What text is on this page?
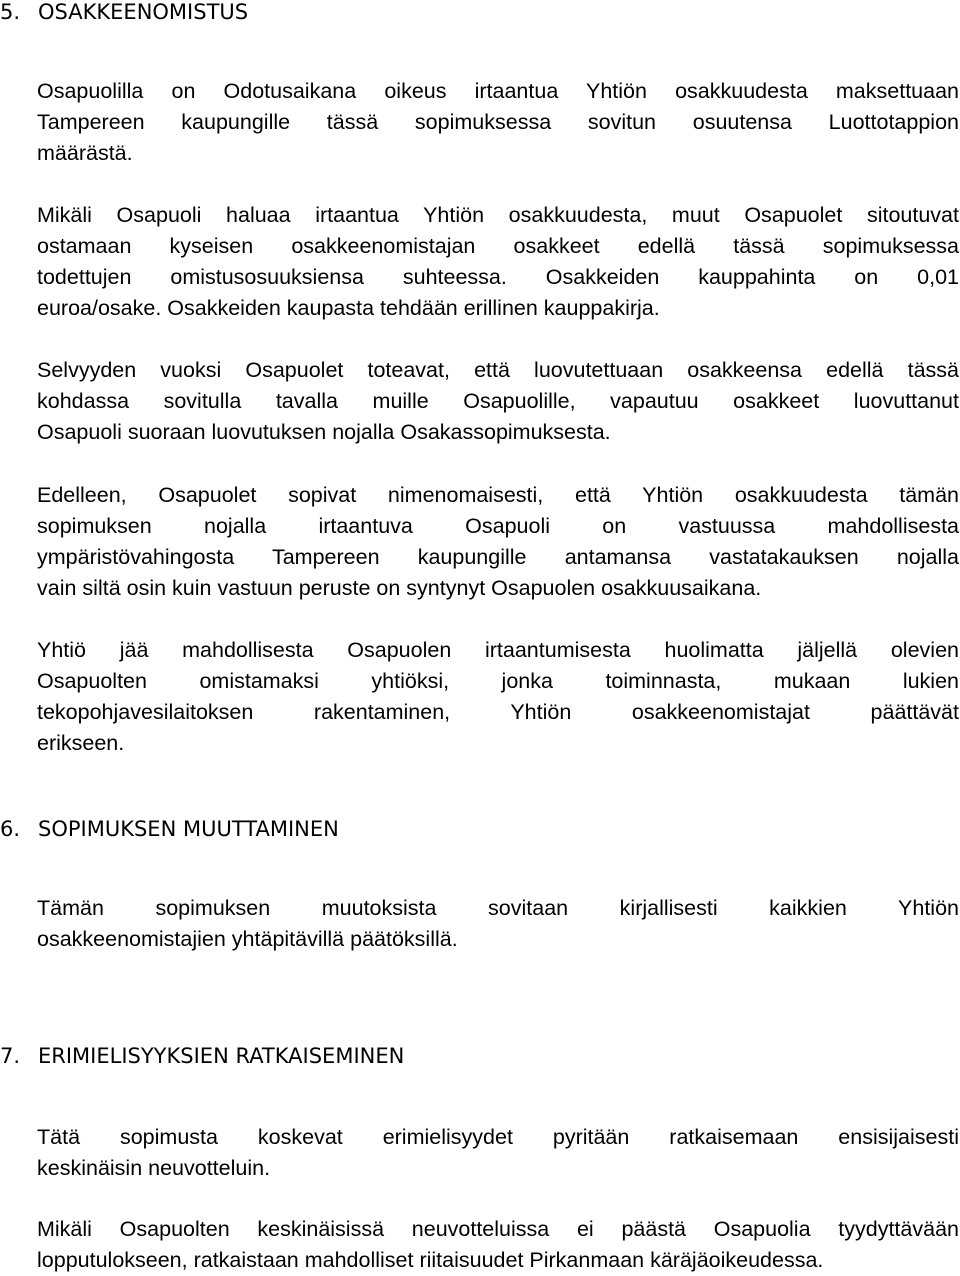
5. OSAKKEENOMISTUS
Osapuolilla on Odotusaikana oikeus irtaantua Yhtiön osakkuudesta maksettuaan
Tampereen kaupungille tässä sopimuksessa sovitun osuutensa Luottotappion
määrästä.
Mikäli Osapuoli haluaa irtaantua Yhtiön osakkuudesta, muut Osapuolet sitoutuvat
ostamaan kyseisen osakkeenomistajan osakkeet edellä tässä sopimuksessa
todettujen omistusosuuksiensa suhteessa. Osakkeiden kauppahinta on 0,01
euroa/osake. Osakkeiden kaupasta tehdään erillinen kauppakirja.
Selvyyden vuoksi Osapuolet toteavat, että luovutettuaan osakkeensa edellä tässä
kohdassa sovitulla tavalla muille Osapuolille, vapautuu osakkeet luovuttanut
Osapuoli suoraan luovutuksen nojalla Osakassopimuksesta.
Edelleen, Osapuolet sopivat nimenomaisesti, että Yhtiön osakkuudesta tämän
sopimuksen nojalla irtaantuva Osapuoli on vastuussa mahdollisesta
ympäristövahingosta Tampereen kaupungille antamansa vastatakauksen nojalla
vain siltä osin kuin vastuun peruste on syntynyt Osapuolen osakkuusaikana.
Yhtiö jää mahdollisesta Osapuolen irtaantumisesta huolimatta jäljellä olevien
Osapuolten omistamaksi yhtiöksi, jonka toiminnasta, mukaan lukien
tekopohjavesilaitoksen rakentaminen, Yhtiön osakkeenomistajat päättävät
erikseen.
6. SOPIMUKSEN MUUTTAMINEN
Tämän sopimuksen muutoksista sovitaan kirjallisesti kaikkien Yhtiön
osakkeenomistajien yhtäpitävillä päätöksillä.
7. ERIMIELISYYKSIEN RATKAISEMINEN
Tätä sopimusta koskevat erimielisyydet pyritään ratkaisemaan ensisijaisesti
keskinäisin neuvotteluin.
Mikäli Osapuolten keskinäisissä neuvotteluissa ei päästä Osapuolia tyydyttävään
lopputulokseen, ratkaistaan mahdolliset riitaisuudet Pirkanmaan käräjäoikeudessa.
